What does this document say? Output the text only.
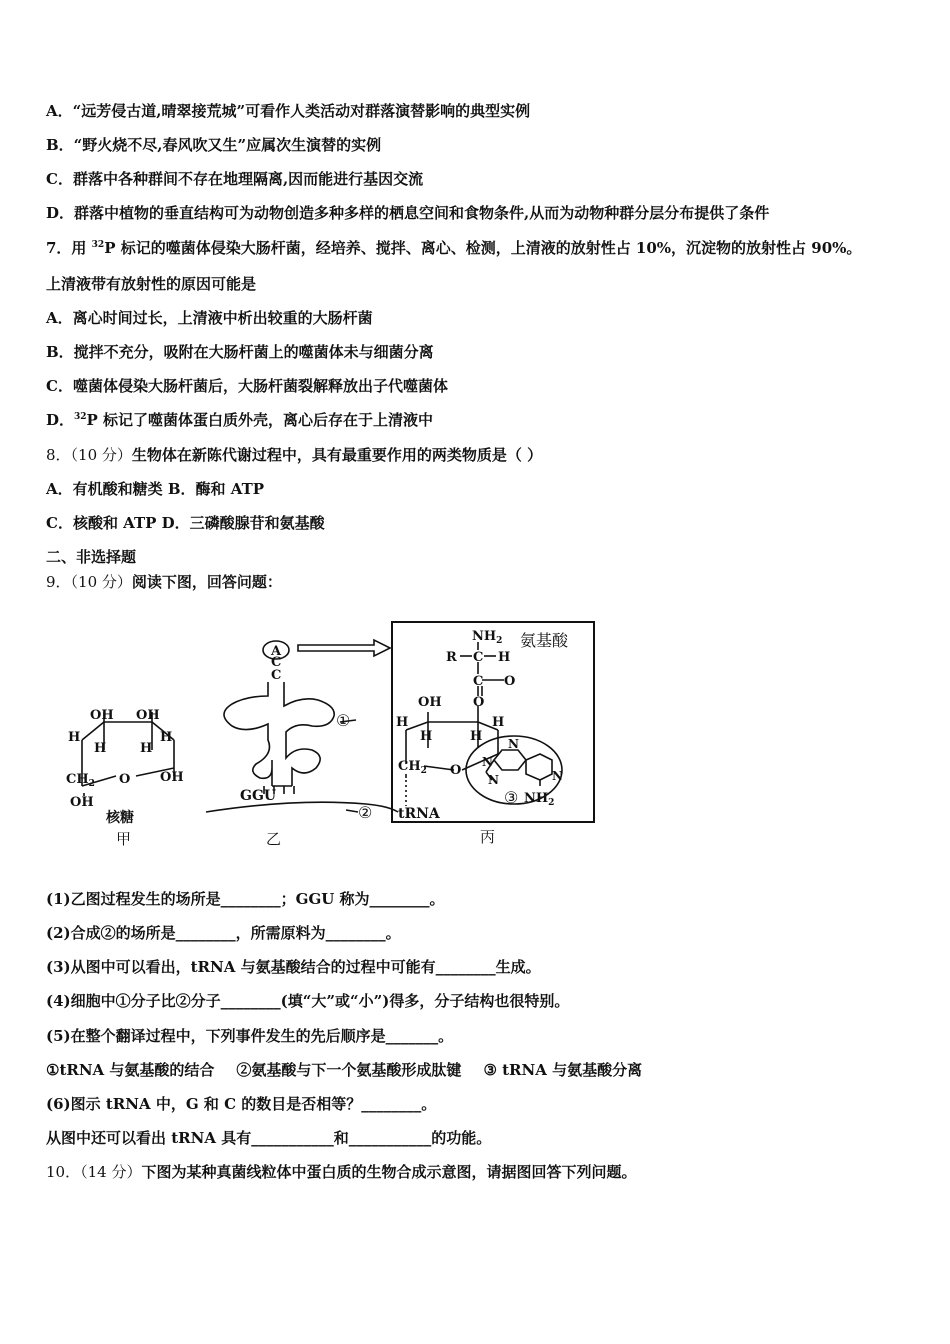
A．“远芳侵古道,晴翠接荒城”可看作人类活动对群落演替影响的典型实例
B．“野火烧不尽,春风吹又生”应属次生演替的实例
C．群落中各种群间不存在地理隔离,因而能进行基因交流
D．群落中植物的垂直结构可为动物创造多种多样的栖息空间和食物条件,从而为动物种群分层分布提供了条件
7．用 $^{32}$P 标记的噬菌体侵染大肠杆菌，经培养、搅拌、离心、检测，上清液的放射性占 10%，沉淀物的放射性占 90%。
上清液带有放射性的原因可能是
A．离心时间过长，上清液中析出较重的大肠杆菌
B．搅拌不充分，吸附在大肠杆菌上的噬菌体未与细菌分离
C．噬菌体侵染大肠杆菌后，大肠杆菌裂解释放出子代噬菌体
D．$^{32}$P 标记了噬菌体蛋白质外壳，离心后存在于上清液中
8．（10 分）生物体在新陈代谢过程中，具有最重要作用的两类物质是（ ）
A．有机酸和糖类 B．酶和 ATP
C．核酸和 ATP D．三磷酸腺苷和氨基酸
二、非选择题
9．（10 分）阅读下图，回答问题：
OH OH
H
H	H
H
$CH_2$ O OH
OH
核糖
甲
A
C
C
GGU
①
②
乙
$NH_2$ 氨基酸
R C H
C O
O
OH
H
H	H
H
$CH_2$ O
N
N
N	N
③ $NH_2$
tRNA
丙
(1)乙图过程发生的场所是________；GGU 称为________。
(2)合成②的场所是________，所需原料为________。
(3)从图中可以看出，tRNA 与氨基酸结合的过程中可能有________生成。
(4)细胞中①分子比②分子________(填“大”或“小”)得多，分子结构也很特别。
(5)在整个翻译过程中，下列事件发生的先后顺序是_______。
①tRNA 与氨基酸的结合 ②氨基酸与下一个氨基酸形成肽键 ③ tRNA 与氨基酸分离
(6)图示 tRNA 中，G 和 C 的数目是否相等？________。
从图中还可以看出 tRNA 具有___________和___________的功能。
10．（14 分）下图为某种真菌线粒体中蛋白质的生物合成示意图，请据图回答下列问题。
